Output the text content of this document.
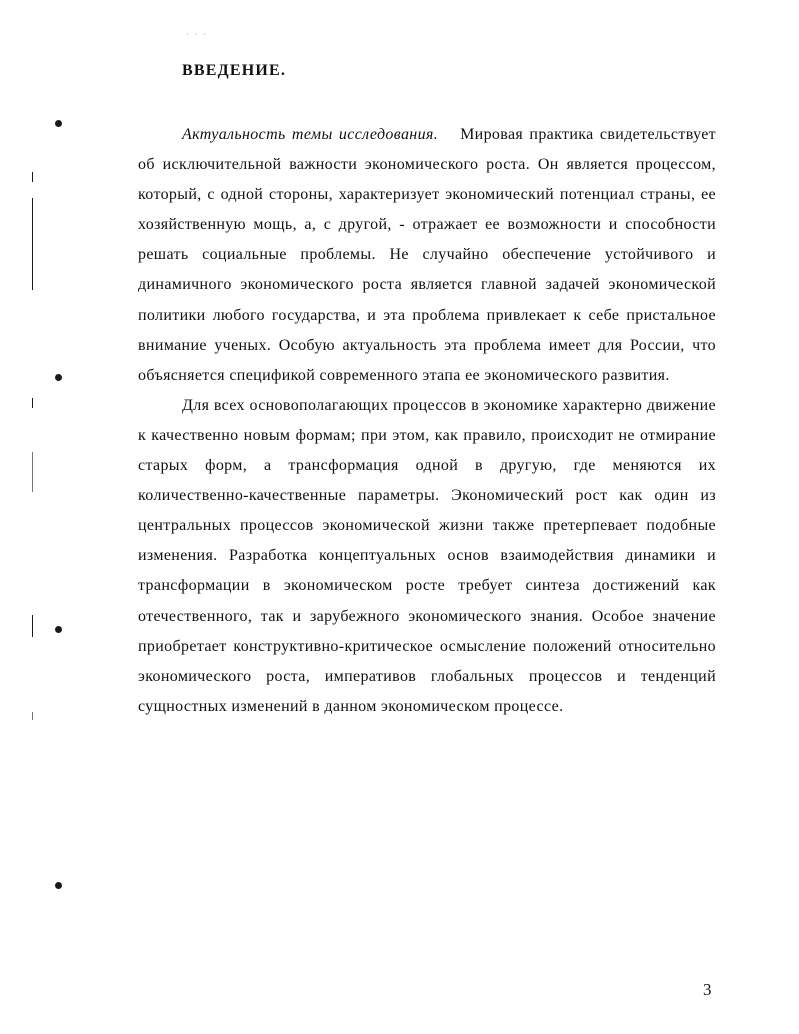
· · ·
ВВЕДЕНИЕ.

Актуальность темы исследования. Мировая практика свидетельствует об исключительной важности экономического роста. Он является процессом, который, с одной стороны, характеризует экономический потенциал страны, ее хозяйственную мощь, а, с другой, - отражает ее возможности и способности решать социальные проблемы. Не случайно обеспечение устойчивого и динамичного экономического роста является главной задачей экономической политики любого государства, и эта проблема привлекает к себе пристальное внимание ученых. Особую актуальность эта проблема имеет для России, что объясняется спецификой современного этапа ее экономического развития.

Для всех основополагающих процессов в экономике характерно движение к качественно новым формам; при этом, как правило, происходит не отмирание старых форм, а трансформация одной в другую, где меняются их количественно-качественные параметры. Экономический рост как один из центральных процессов экономической жизни также претерпевает подобные изменения. Разработка концептуальных основ взаимодействия динамики и трансформации в экономическом росте требует синтеза достижений как отечественного, так и зарубежного экономического знания. Особое значение приобретает конструктивно-критическое осмысление положений относительно экономического роста, императивов глобальных процессов и тенденций сущностных изменений в данном экономическом процессе.

3
